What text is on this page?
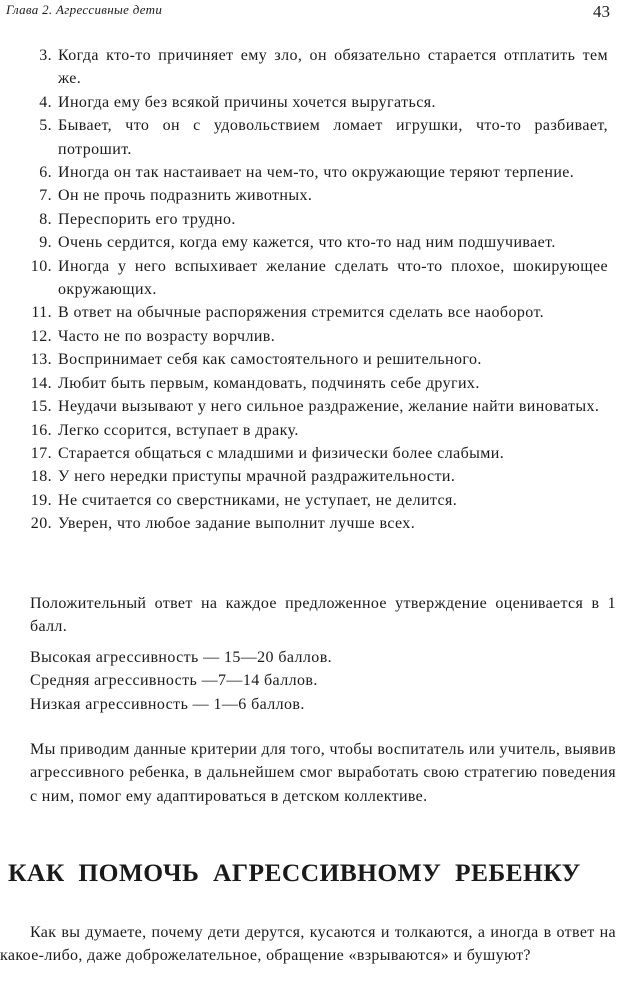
Глава 2. Агрессивные дети	43
3. Когда кто-то причиняет ему зло, он обязательно старается отплатить тем же.
4. Иногда ему без всякой причины хочется выругаться.
5. Бывает, что он с удовольствием ломает игрушки, что-то разбивает, потрошит.
6. Иногда он так настаивает на чем-то, что окружающие теряют терпение.
7. Он не прочь подразнить животных.
8. Переспорить его трудно.
9. Очень сердится, когда ему кажется, что кто-то над ним подшучивает.
10. Иногда у него вспыхивает желание сделать что-то плохое, шокирующее окружающих.
11. В ответ на обычные распоряжения стремится сделать все наоборот.
12. Часто не по возрасту ворчлив.
13. Воспринимает себя как самостоятельного и решительного.
14. Любит быть первым, командовать, подчинять себе других.
15. Неудачи вызывают у него сильное раздражение, желание найти виноватых.
16. Легко ссорится, вступает в драку.
17. Старается общаться с младшими и физически более слабыми.
18. У него нередки приступы мрачной раздражительности.
19. Не считается со сверстниками, не уступает, не делится.
20. Уверен, что любое задание выполнит лучше всех.

Положительный ответ на каждое предложенное утверждение оценивается в 1 балл.

Высокая агрессивность — 15—20 баллов.
Средняя агрессивность —7—14 баллов.
Низкая агрессивность — 1—6 баллов.

Мы приводим данные критерии для того, чтобы воспитатель или учитель, выявив агрессивного ребенка, в дальнейшем смог выработать свою стратегию поведения с ним, помог ему адаптироваться в детском коллективе.

КАК ПОМОЧЬ АГРЕССИВНОМУ РЕБЕНКУ

Как вы думаете, почему дети дерутся, кусаются и толкаются, а иногда в ответ на какое-либо, даже доброжелательное, обращение «взрываются» и бушуют?
